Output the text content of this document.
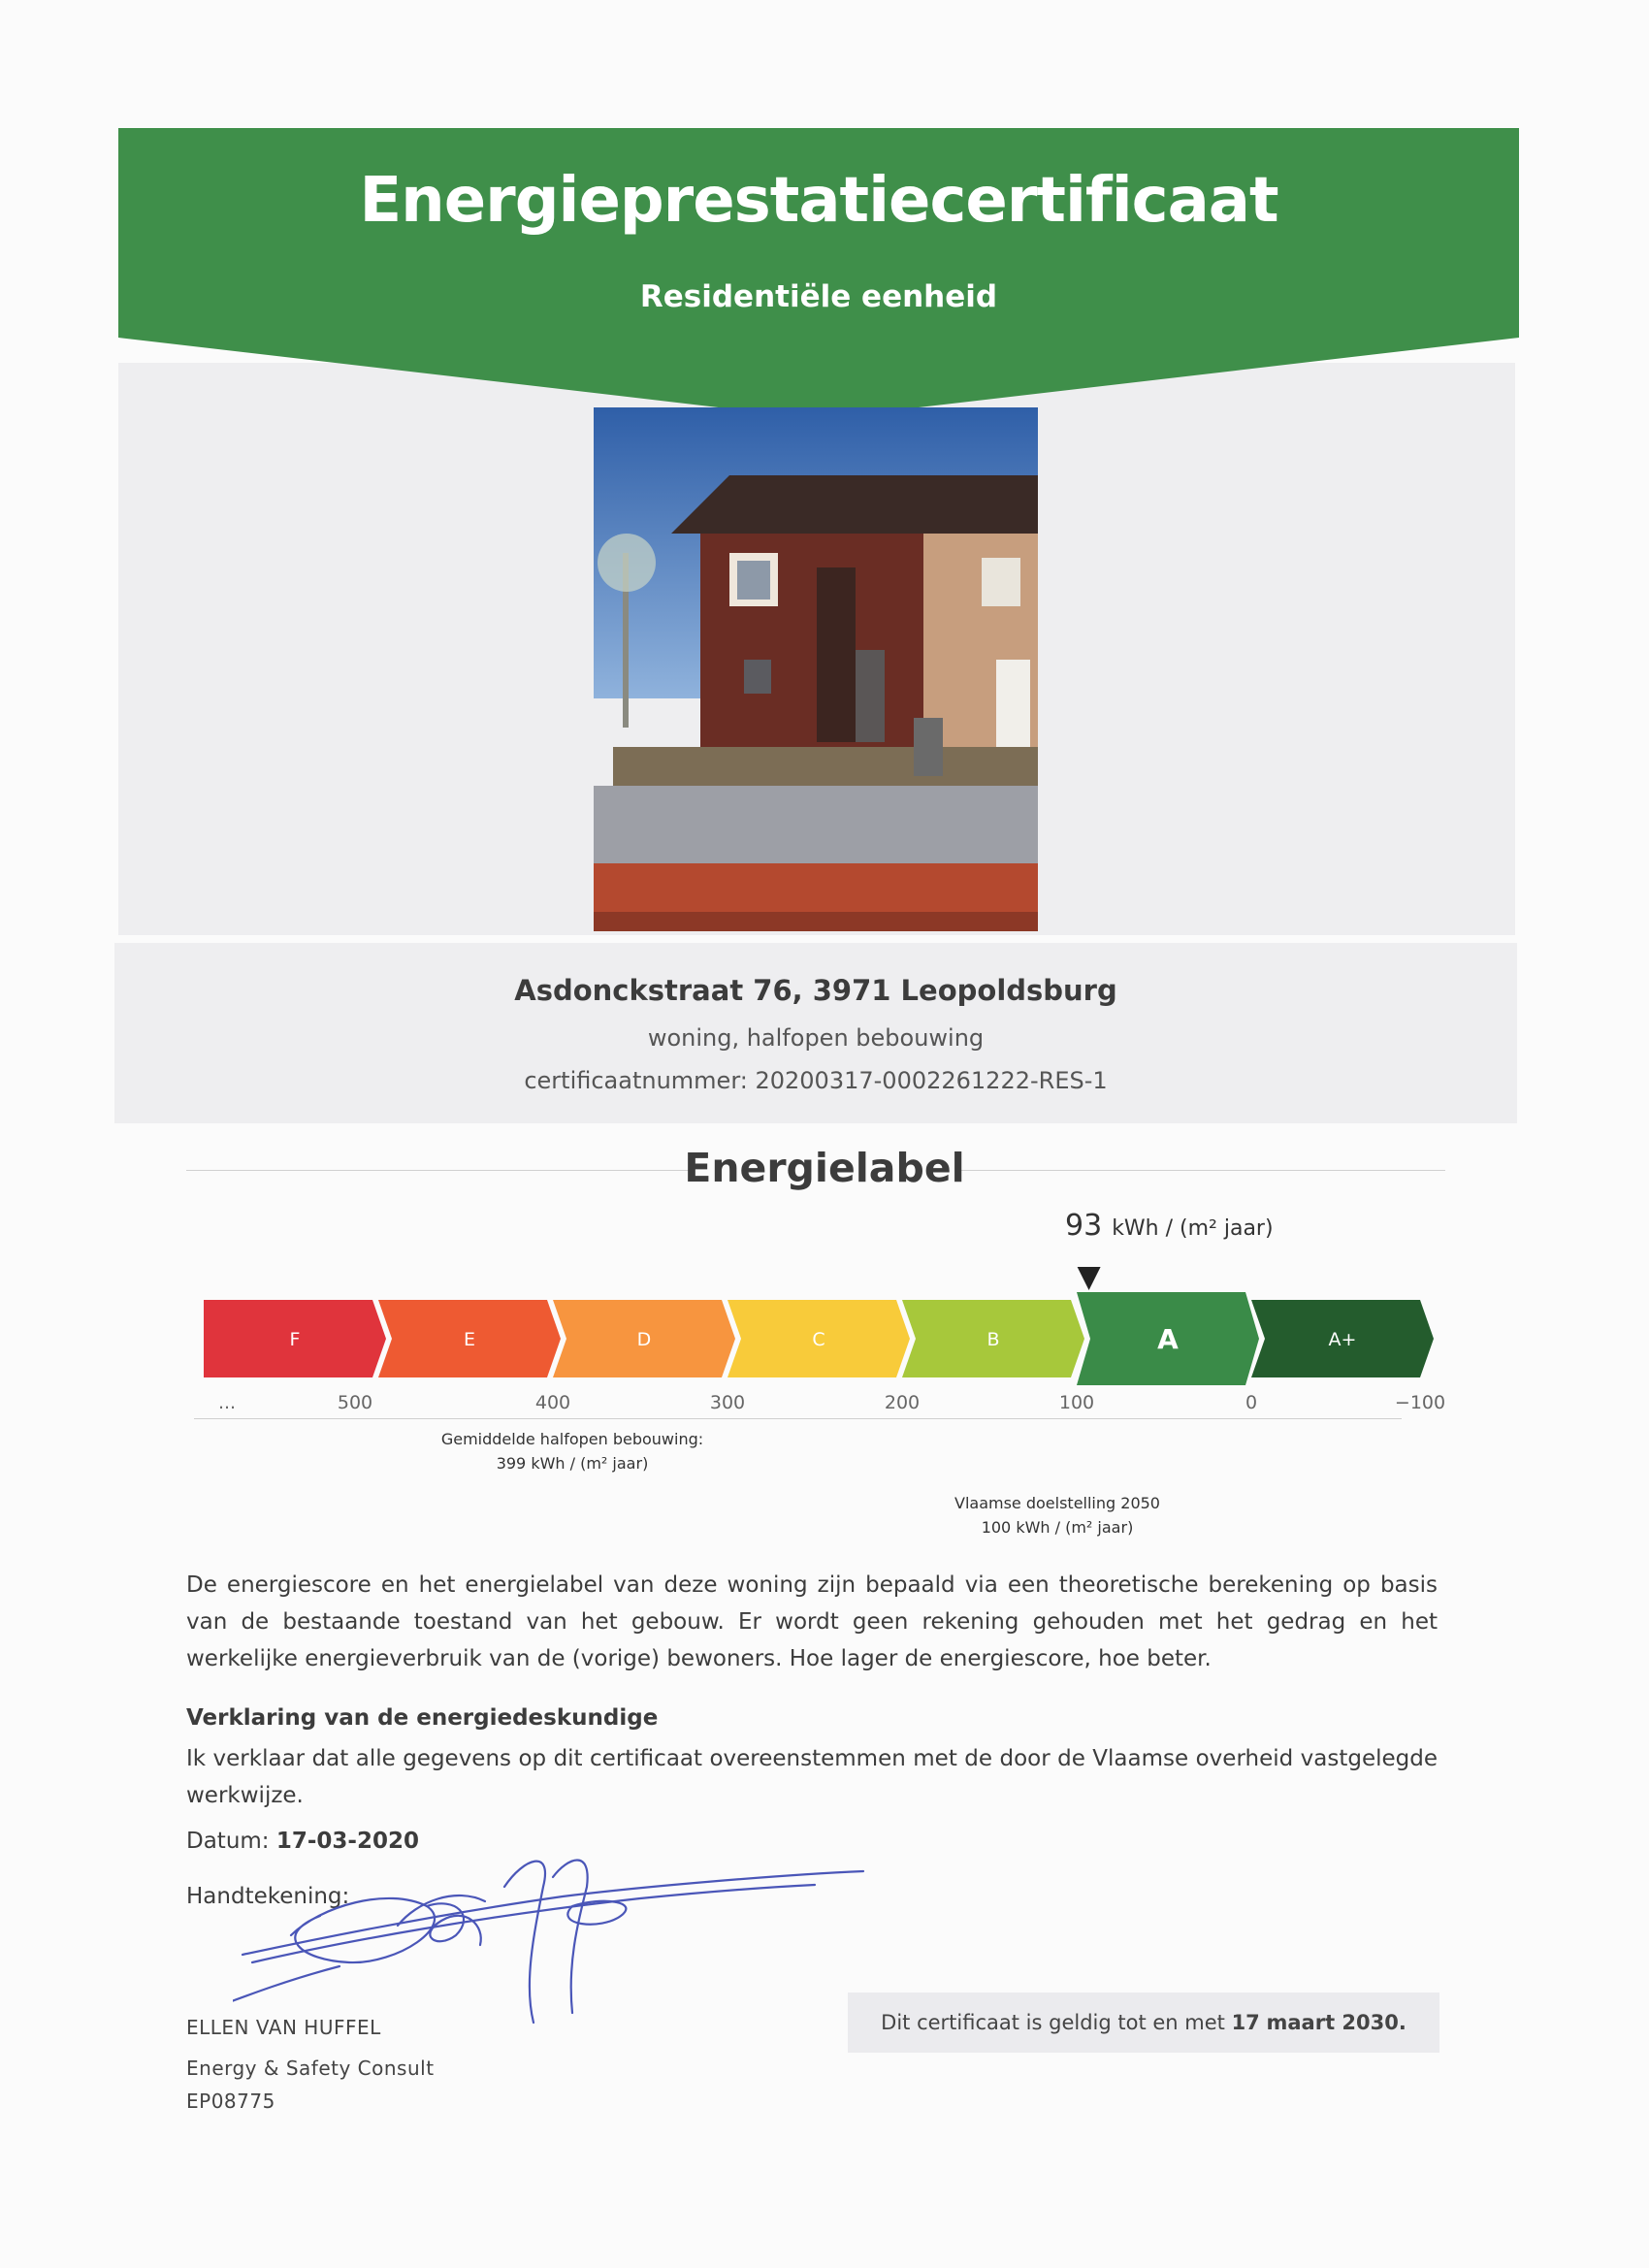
Energieprestatiecertificaat
Residentiële eenheid
Asdonckstraat 76, 3971 Leopoldsburg
woning, halfopen bebouwing
certificaatnummer: 20200317-0002261222-RES-1
Energielabel
93 kWh / (m² jaar)
F	E	D	C	B	A	A+
...	500	400	300	200	100	0	−100
Gemiddelde halfopen bebouwing:
399 kWh / (m² jaar)
Vlaamse doelstelling 2050
100 kWh / (m² jaar)
De energiescore en het energielabel van deze woning zijn bepaald via een theoretische berekening op basis van de bestaande toestand van het gebouw. Er wordt geen rekening gehouden met het gedrag en het werkelijke energieverbruik van de (vorige) bewoners. Hoe lager de energiescore, hoe beter.
Verklaring van de energiedeskundige
Ik verklaar dat alle gegevens op dit certificaat overeenstemmen met de door de Vlaamse overheid vastgelegde werkwijze.
Datum: 17-03-2020
Handtekening:
ELLEN VAN HUFFEL
Energy & Safety Consult
EP08775
Dit certificaat is geldig tot en met 17 maart 2030.
